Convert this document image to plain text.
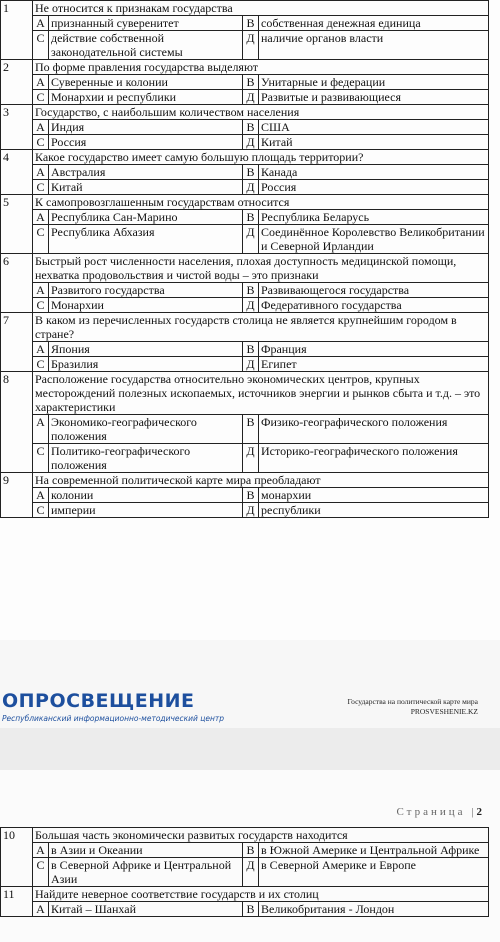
1	Не относится к признакам государства			
	A	признанный суверенитет	B	собственная денежная единица
	C	действие собственной законодательной системы	Д	наличие органов власти
2	По форме правления государства выделяют			
	A	Суверенные и колонии	B	Унитарные и федерации
	C	Монархии и республики	Д	Развитые и развивающиеся
3	Государство, с наибольшим количеством населения			
	A	Индия	B	США
	C	Россия	Д	Китай
4	Какое государство имеет самую большую площадь территории?			
	A	Австралия	B	Канада
	C	Китай	Д	Россия
5	К самопровозглашенным государствам относится			
	A	Республика Сан-Марино	B	Республика Беларусь
	C	Республика Абхазия	Д	Соединённое Королевство Великобритании и Северной Ирландии
6	Быстрый рост численности населения, плохая доступность медицинской помощи, нехватка продовольствия и чистой воды – это признаки			
	A	Развитого государства	B	Развивающегося государства
	C	Монархии	Д	Федеративного государства
7	В каком из перечисленных государств столица не является крупнейшим городом в стране?			
	A	Япония	B	Франция
	C	Бразилия	Д	Египет
8	Расположение государства относительно экономических центров, крупных месторождений полезных ископаемых, источников энергии и рынков сбыта и т.д. – это характеристики			
	A	Экономико-географического положения	B	Физико-географического положения
	C	Политико-географического положения	Д	Историко-географического положения
9	На современной политической карте мира преобладают			
	A	колонии	B	монархии
	C	империи	Д	республики
ОПРОСВЕЩЕНИЕ
Республиканский информационно-методический центр
Государства на политической карте мира
PROSVESHENIE.KZ
Страница |2
10	Большая часть экономически развитых государств находится			
	A	в Азии и Океании	B	в Южной Америке и Центральной Африке
	C	в Северной Африке и Центральной Азии	Д	в Северной Америке и Европе
11	Найдите неверное соответствие государств и их столиц			
	A	Китай – Шанхай	B	Великобритания - Лондон
